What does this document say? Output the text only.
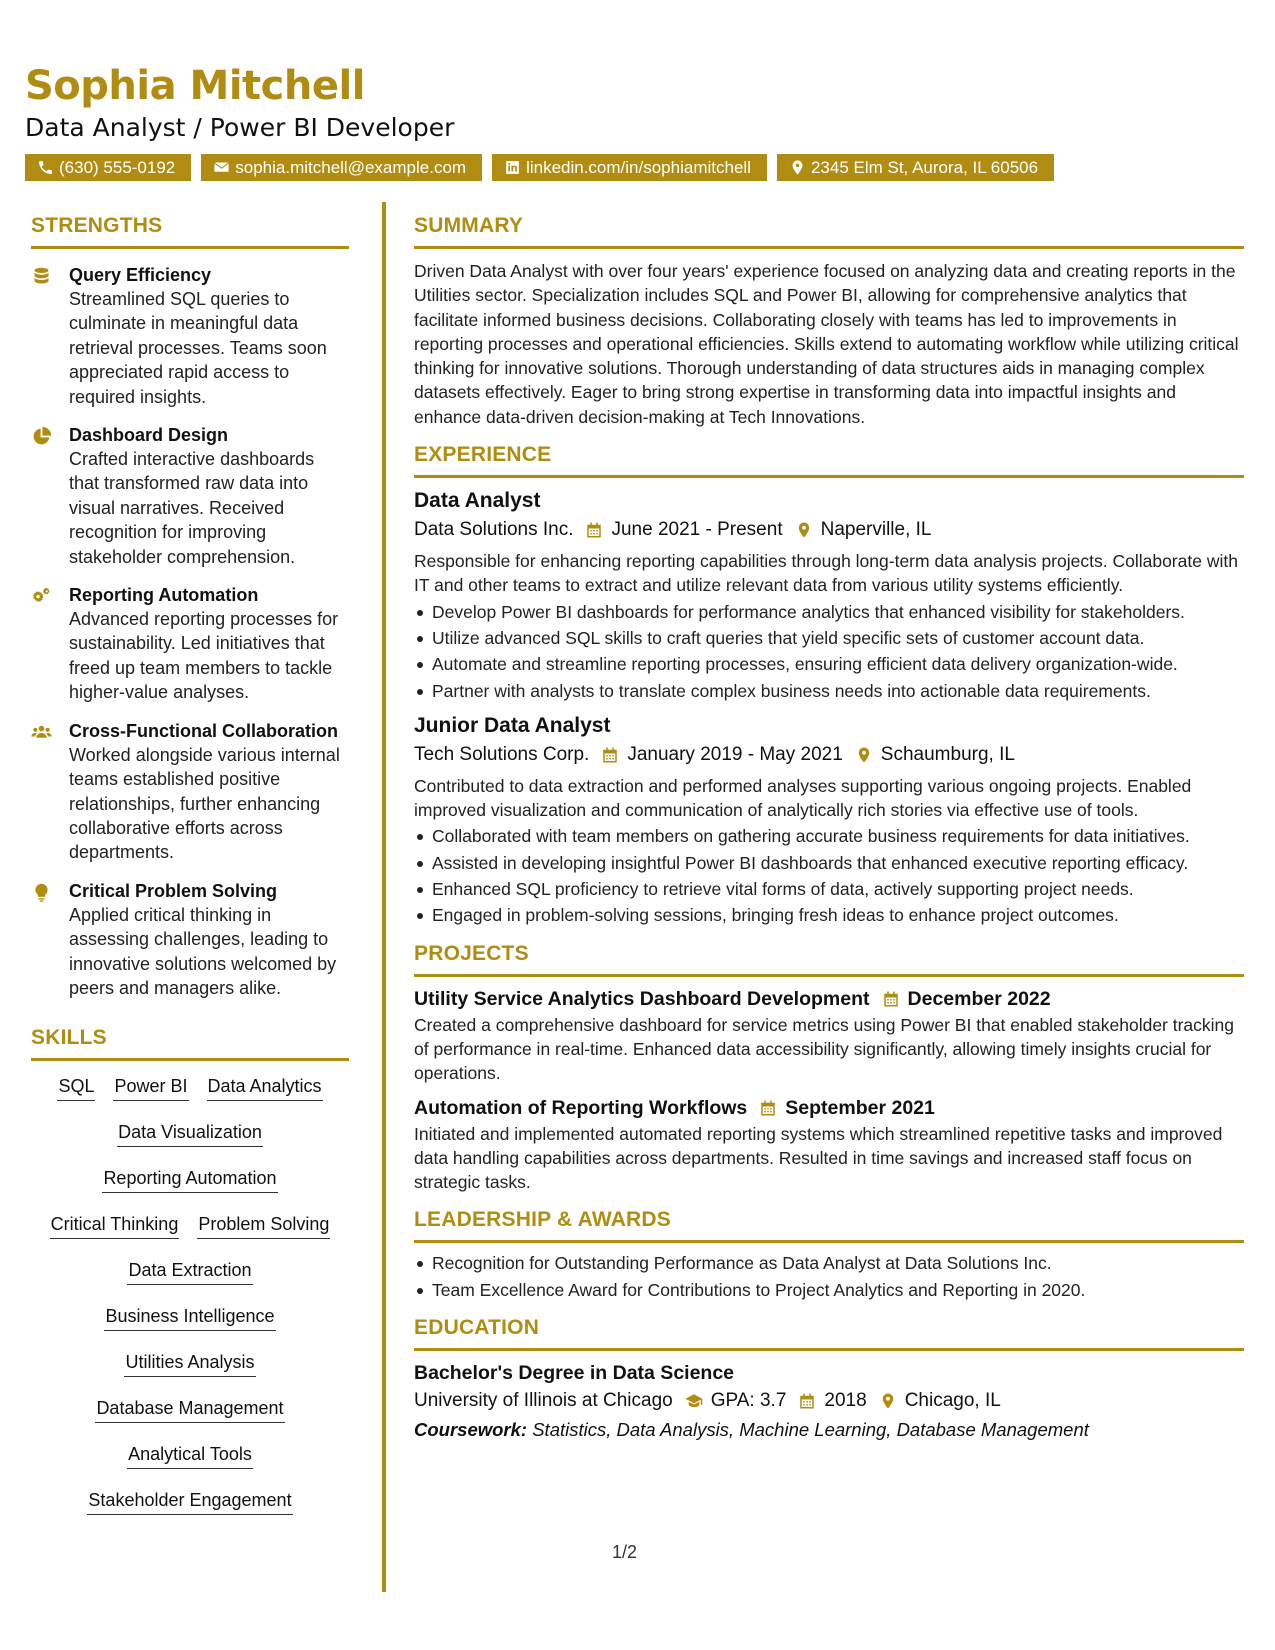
Sophia Mitchell
Data Analyst / Power BI Developer
(630) 555-0192	sophia.mitchell@example.com	linkedin.com/in/sophiamitchell	2345 Elm St, Aurora, IL 60506
STRENGTHS
Query Efficiency
Streamlined SQL queries to culminate in meaningful data retrieval processes. Teams soon appreciated rapid access to required insights.
Dashboard Design
Crafted interactive dashboards that transformed raw data into visual narratives. Received recognition for improving stakeholder comprehension.
Reporting Automation
Advanced reporting processes for sustainability. Led initiatives that freed up team members to tackle higher-value analyses.
Cross-Functional Collaboration
Worked alongside various internal teams established positive relationships, further enhancing collaborative efforts across departments.
Critical Problem Solving
Applied critical thinking in assessing challenges, leading to innovative solutions welcomed by peers and managers alike.
SKILLS
SQL Power BI Data Analytics
Data Visualization
Reporting Automation
Critical Thinking Problem Solving
Data Extraction
Business Intelligence
Utilities Analysis
Database Management
Analytical Tools
Stakeholder Engagement
SUMMARY
Driven Data Analyst with over four years' experience focused on analyzing data and creating reports in the Utilities sector. Specialization includes SQL and Power BI, allowing for comprehensive analytics that facilitate informed business decisions. Collaborating closely with teams has led to improvements in reporting processes and operational efficiencies. Skills extend to automating workflow while utilizing critical thinking for innovative solutions. Thorough understanding of data structures aids in managing complex datasets effectively. Eager to bring strong expertise in transforming data into impactful insights and enhance data-driven decision-making at Tech Innovations.
EXPERIENCE
Data Analyst
Data Solutions Inc. June 2021 - Present Naperville, IL
Responsible for enhancing reporting capabilities through long-term data analysis projects. Collaborate with IT and other teams to extract and utilize relevant data from various utility systems efficiently.
Develop Power BI dashboards for performance analytics that enhanced visibility for stakeholders.
Utilize advanced SQL skills to craft queries that yield specific sets of customer account data.
Automate and streamline reporting processes, ensuring efficient data delivery organization-wide.
Partner with analysts to translate complex business needs into actionable data requirements.
Junior Data Analyst
Tech Solutions Corp. January 2019 - May 2021 Schaumburg, IL
Contributed to data extraction and performed analyses supporting various ongoing projects. Enabled improved visualization and communication of analytically rich stories via effective use of tools.
Collaborated with team members on gathering accurate business requirements for data initiatives.
Assisted in developing insightful Power BI dashboards that enhanced executive reporting efficacy.
Enhanced SQL proficiency to retrieve vital forms of data, actively supporting project needs.
Engaged in problem-solving sessions, bringing fresh ideas to enhance project outcomes.
PROJECTS
Utility Service Analytics Dashboard Development December 2022
Created a comprehensive dashboard for service metrics using Power BI that enabled stakeholder tracking of performance in real-time. Enhanced data accessibility significantly, allowing timely insights crucial for operations.
Automation of Reporting Workflows September 2021
Initiated and implemented automated reporting systems which streamlined repetitive tasks and improved data handling capabilities across departments. Resulted in time savings and increased staff focus on strategic tasks.
LEADERSHIP & AWARDS
Recognition for Outstanding Performance as Data Analyst at Data Solutions Inc.
Team Excellence Award for Contributions to Project Analytics and Reporting in 2020.
EDUCATION
Bachelor's Degree in Data Science
University of Illinois at Chicago GPA: 3.7 2018 Chicago, IL
Coursework: Statistics, Data Analysis, Machine Learning, Database Management
1/2
